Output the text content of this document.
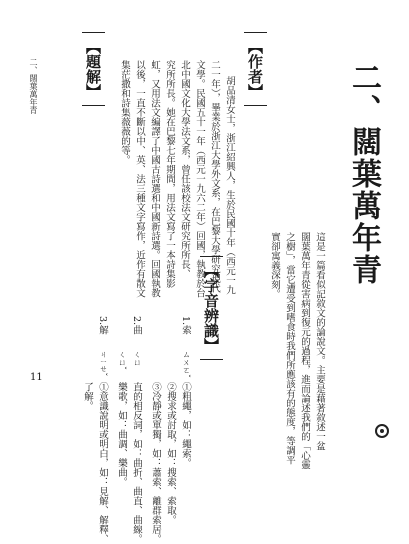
二、闊葉萬年青
這是一篇看似記敘文的論說文。主要是藉著敘述一盆
闊葉萬年青從害病到復元的過程，進而論述我們的「心靈
之樹」，當它遭受到嗜食時我們所應該有的態度，等調平
實卻寓義深刻。
【作者】
胡品清女士，浙江紹興人，生於民國十年（西元一九
二一年），畢業於浙江大學外文系，在巴黎大學研究現代
文學。民國五十一年（西元一九六二年）回國，執教於台
北中國文化大學法文系，曾任該校法文研究所所長、
究所所長。她在巴黎七年期間，用法文寫了一本詩集影
虹，又用法文編譯了中國古詩選和中國新詩選。回國執教
以後，一直不斷以中、英、法三種文字寫作，近作有散文
集茫撒和詩集薇薇的等。
【題解】
二、闊葉萬年青
11
【字音辨識】
1.索
ㄙㄨㄛˇ
①粗繩，如：繩索。
②搜求或討取，如：搜索、索取。
③冷靜或單獨，如：蕭索、離群索居。
2.曲
ㄑㄩ
直的相反詞，如：曲折、曲直、曲線。
ㄑㄩˇ
樂歌，如：曲調、樂曲。
3.解
ㄐㄧㄝˇ
①意識說明或明白，如：見解、解釋、
了解。
